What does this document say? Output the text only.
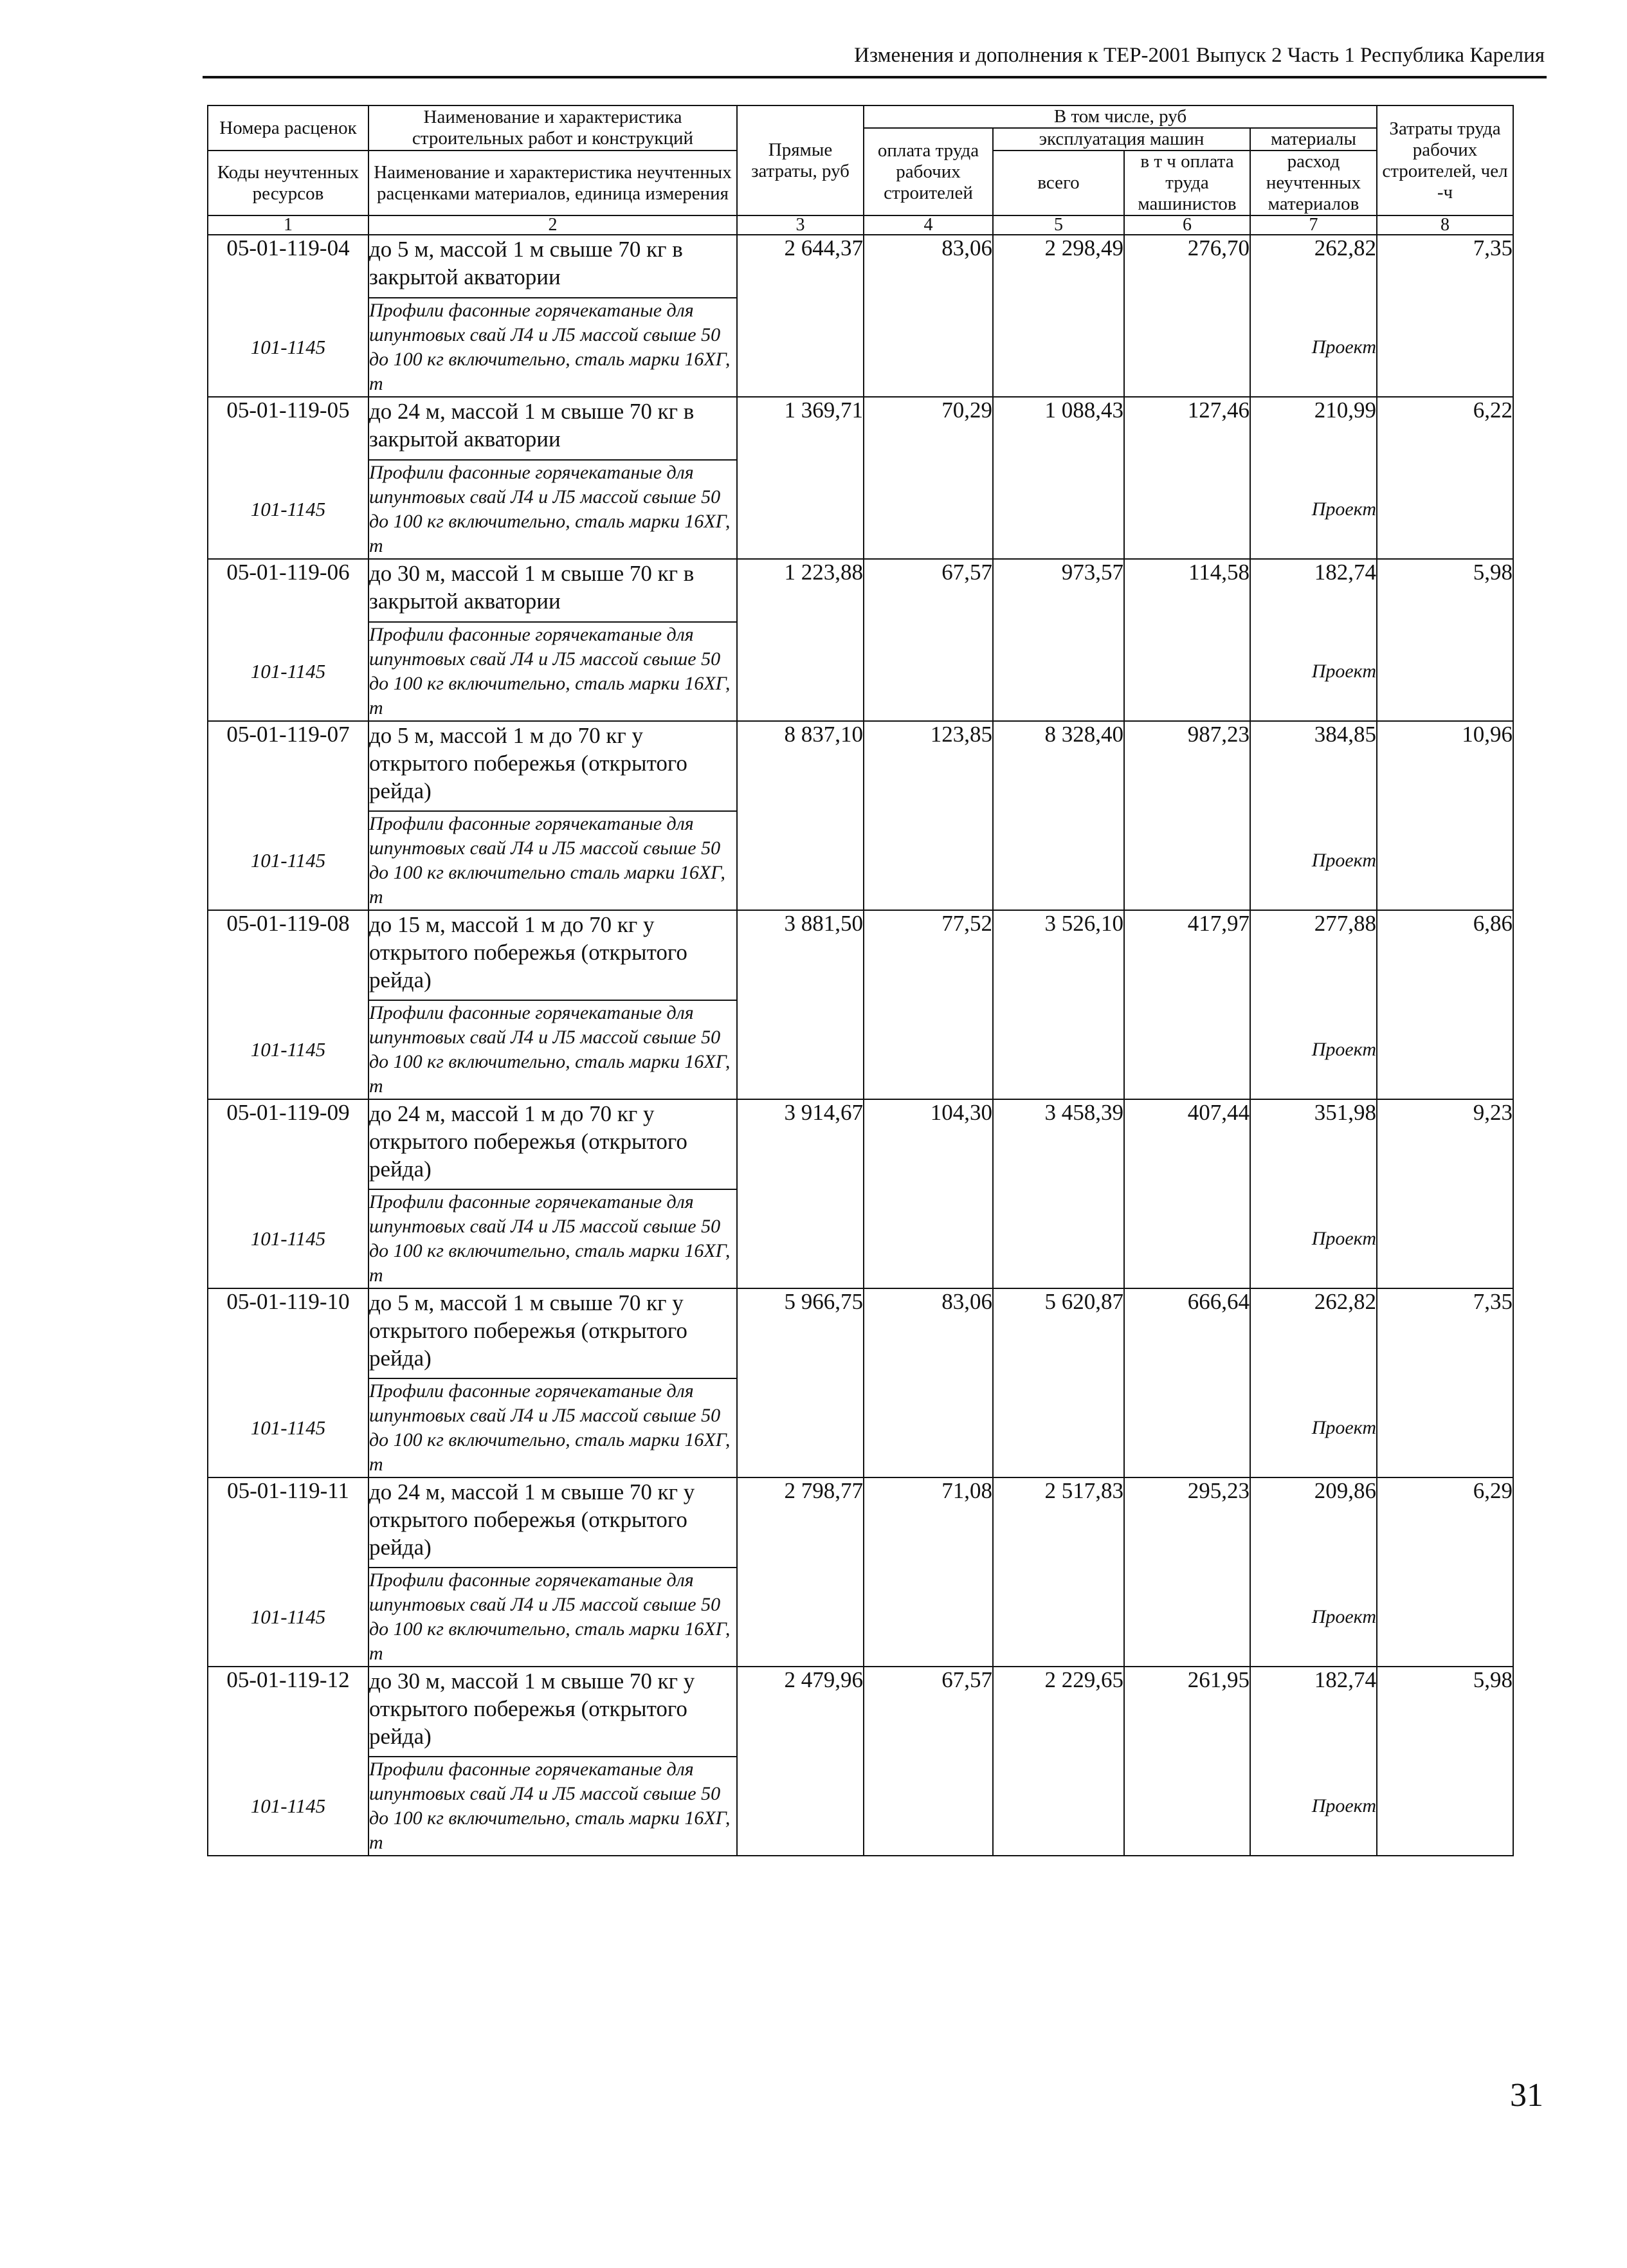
Изменения и дополнения к ТЕР-2001 Выпуск 2 Часть 1 Республика Карелия
Номера расценок	Наименование и характеристика строительных работ и конструкций	Прямые затраты, руб	В том числе, руб				Затраты труда рабочих строителей, чел -ч
			оплата труда рабочих строителей	эксплуатация машин		материалы	
Коды неучтенных ресурсов	Наименование и характеристика неучтенных расценками материалов, единица измерения			всего	в т ч оплата труда машинистов	расход неучтенных материалов	

1	2	3	4	5	6	7	8
05-01-119-04	до 5 м, массой 1 м свыше 70 кг в закрытой акватории	2 644,37	83,06	2 298,49	276,70	262,82	7,35
101-1145	Профили фасонные горячекатаные для шпунтовых свай Л4 и Л5 массой свыше 50 до 100 кг включительно, сталь марки 16ХГ, т					Проект	
05-01-119-05	до 24 м, массой 1 м свыше 70 кг в закрытой акватории	1 369,71	70,29	1 088,43	127,46	210,99	6,22
101-1145	Профили фасонные горячекатаные для шпунтовых свай Л4 и Л5 массой свыше 50 до 100 кг включительно, сталь марки 16ХГ, т					Проект	
05-01-119-06	до 30 м, массой 1 м свыше 70 кг в закрытой акватории	1 223,88	67,57	973,57	114,58	182,74	5,98
101-1145	Профили фасонные горячекатаные для шпунтовых свай Л4 и Л5 массой свыше 50 до 100 кг включительно, сталь марки 16ХГ, т					Проект	
05-01-119-07	до 5 м, массой 1 м до 70 кг у открытого побережья (открытого рейда)	8 837,10	123,85	8 328,40	987,23	384,85	10,96
101-1145	Профили фасонные горячекатаные для шпунтовых свай Л4 и Л5 массой свыше 50 до 100 кг включительно сталь марки 16ХГ, т					Проект	
05-01-119-08	до 15 м, массой 1 м до 70 кг у открытого побережья (открытого рейда)	3 881,50	77,52	3 526,10	417,97	277,88	6,86
101-1145	Профили фасонные горячекатаные для шпунтовых свай Л4 и Л5 массой свыше 50 до 100 кг включительно, сталь марки 16ХГ, т					Проект	
05-01-119-09	до 24 м, массой 1 м до 70 кг у открытого побережья (открытого рейда)	3 914,67	104,30	3 458,39	407,44	351,98	9,23
101-1145	Профили фасонные горячекатаные для шпунтовых свай Л4 и Л5 массой свыше 50 до 100 кг включительно, сталь марки 16ХГ, т					Проект	
05-01-119-10	до 5 м, массой 1 м свыше 70 кг у открытого побережья (открытого рейда)	5 966,75	83,06	5 620,87	666,64	262,82	7,35
101-1145	Профили фасонные горячекатаные для шпунтовых свай Л4 и Л5 массой свыше 50 до 100 кг включительно, сталь марки 16ХГ, т					Проект	
05-01-119-11	до 24 м, массой 1 м свыше 70 кг у открытого побережья (открытого рейда)	2 798,77	71,08	2 517,83	295,23	209,86	6,29
101-1145	Профили фасонные горячекатаные для шпунтовых свай Л4 и Л5 массой свыше 50 до 100 кг включительно, сталь марки 16ХГ, т					Проект	
05-01-119-12	до 30 м, массой 1 м свыше 70 кг у открытого побережья (открытого рейда)	2 479,96	67,57	2 229,65	261,95	182,74	5,98
101-1145	Профили фасонные горячекатаные для шпунтовых свай Л4 и Л5 массой свыше 50 до 100 кг включительно, сталь марки 16ХГ, т					Проект	
31
